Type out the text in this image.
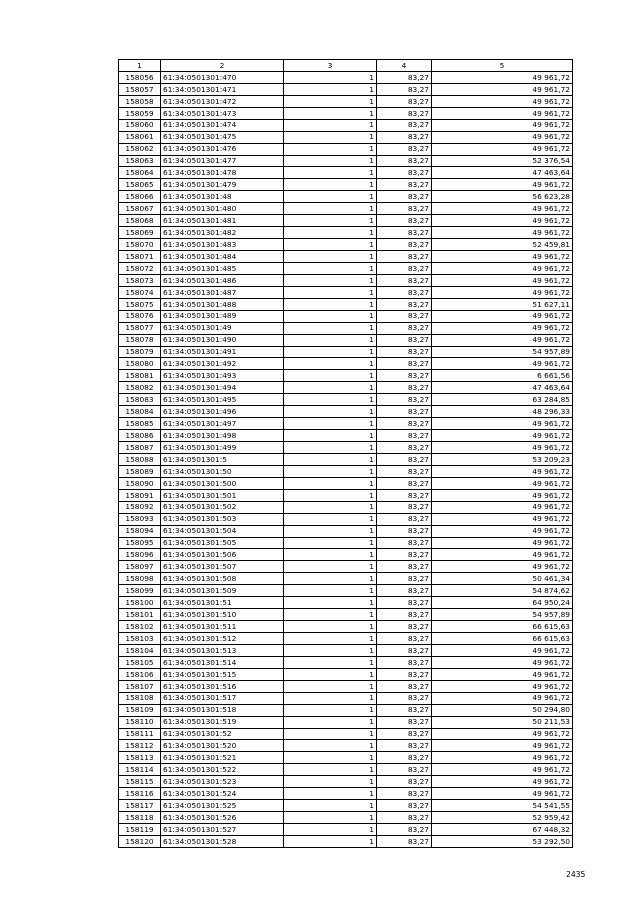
1	2	3	4	5
158056	61:34:0501301:470	1	83,27	49 961,72
158057	61:34:0501301:471	1	83,27	49 961,72
158058	61:34:0501301:472	1	83,27	49 961,72
158059	61:34:0501301:473	1	83,27	49 961,72
158060	61:34:0501301:474	1	83,27	49 961,72
158061	61:34:0501301:475	1	83,27	49 961,72
158062	61:34:0501301:476	1	83,27	49 961,72
158063	61:34:0501301:477	1	83,27	52 376,54
158064	61:34:0501301:478	1	83,27	47 463,64
158065	61:34:0501301:479	1	83,27	49 961,72
158066	61:34:0501301:48	1	83,27	56 623,28
158067	61:34:0501301:480	1	83,27	49 961,72
158068	61:34:0501301:481	1	83,27	49 961,72
158069	61:34:0501301:482	1	83,27	49 961,72
158070	61:34:0501301:483	1	83,27	52 459,81
158071	61:34:0501301:484	1	83,27	49 961,72
158072	61:34:0501301:485	1	83,27	49 961,72
158073	61:34:0501301:486	1	83,27	49 961,72
158074	61:34:0501301:487	1	83,27	49 961,72
158075	61:34:0501301:488	1	83,27	51 627,11
158076	61:34:0501301:489	1	83,27	49 961,72
158077	61:34:0501301:49	1	83,27	49 961,72
158078	61:34:0501301:490	1	83,27	49 961,72
158079	61:34:0501301:491	1	83,27	54 957,89
158080	61:34:0501301:492	1	83,27	49 961,72
158081	61:34:0501301:493	1	83,27	6 661,56
158082	61:34:0501301:494	1	83,27	47 463,64
158083	61:34:0501301:495	1	83,27	63 284,85
158084	61:34:0501301:496	1	83,27	48 296,33
158085	61:34:0501301:497	1	83,27	49 961,72
158086	61:34:0501301:498	1	83,27	49 961,72
158087	61:34:0501301:499	1	83,27	49 961,72
158088	61:34:0501301:5	1	83,27	53 209,23
158089	61:34:0501301:50	1	83,27	49 961,72
158090	61:34:0501301:500	1	83,27	49 961,72
158091	61:34:0501301:501	1	83,27	49 961,72
158092	61:34:0501301:502	1	83,27	49 961,72
158093	61:34:0501301:503	1	83,27	49 961,72
158094	61:34:0501301:504	1	83,27	49 961,72
158095	61:34:0501301:505	1	83,27	49 961,72
158096	61:34:0501301:506	1	83,27	49 961,72
158097	61:34:0501301:507	1	83,27	49 961,72
158098	61:34:0501301:508	1	83,27	50 461,34
158099	61:34:0501301:509	1	83,27	54 874,62
158100	61:34:0501301:51	1	83,27	64 950,24
158101	61:34:0501301:510	1	83,27	54 957,89
158102	61:34:0501301:511	1	83,27	66 615,63
158103	61:34:0501301:512	1	83,27	66 615,63
158104	61:34:0501301:513	1	83,27	49 961,72
158105	61:34:0501301:514	1	83,27	49 961,72
158106	61:34:0501301:515	1	83,27	49 961,72
158107	61:34:0501301:516	1	83,27	49 961,72
158108	61:34:0501301:517	1	83,27	49 961,72
158109	61:34:0501301:518	1	83,27	50 294,80
158110	61:34:0501301:519	1	83,27	50 211,53
158111	61:34:0501301:52	1	83,27	49 961,72
158112	61:34:0501301:520	1	83,27	49 961,72
158113	61:34:0501301:521	1	83,27	49 961,72
158114	61:34:0501301:522	1	83,27	49 961,72
158115	61:34:0501301:523	1	83,27	49 961,72
158116	61:34:0501301:524	1	83,27	49 961,72
158117	61:34:0501301:525	1	83,27	54 541,55
158118	61:34:0501301:526	1	83,27	52 959,42
158119	61:34:0501301:527	1	83,27	67 448,32
158120	61:34:0501301:528	1	83,27	53 292,50
2435
